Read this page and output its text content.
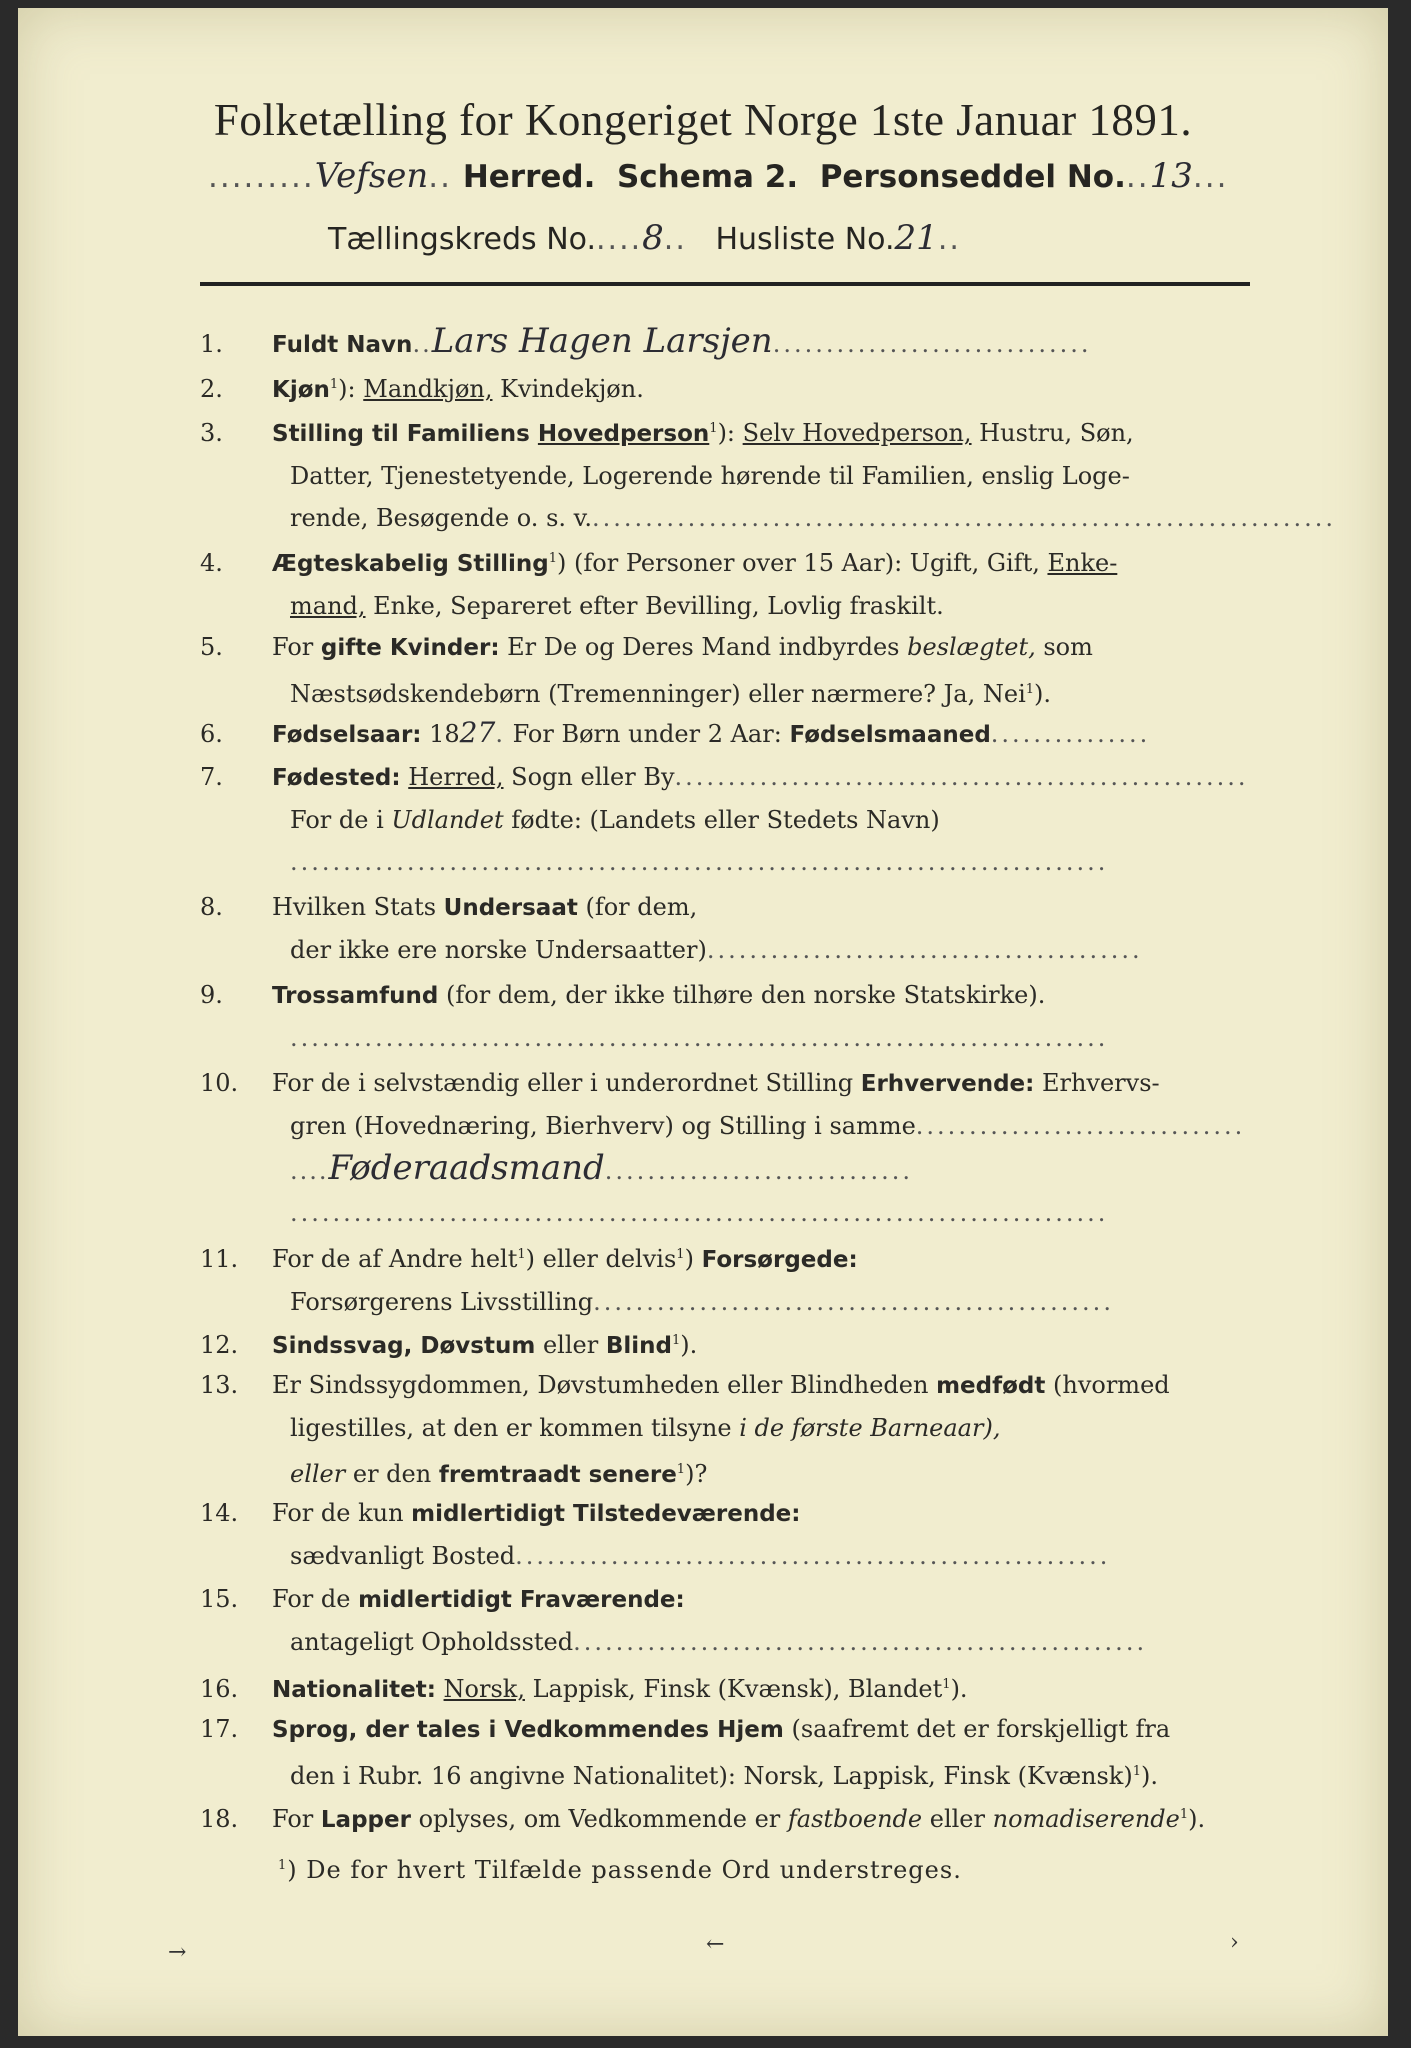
Folketælling for Kongeriget Norge 1ste Januar 1891.
.........Vefsen.. Herred. Schema 2. Personseddel No...13...
Tællingskreds No.....8.. Husliste No.21..
1. Fuldt Navn..Lars Hagen Larsjen..............................
2. Kjøn$^1$): Mandkjøn, Kvindekjøn.
3. Stilling til Familiens Hovedperson$^1$): Selv Hovedperson, Hustru, Søn,
Datter, Tjenestetyende, Logerende hørende til Familien, enslig Loge-
rende, Besøgende o. s. v.......................................................................
4. Ægteskabelig Stilling$^1$) (for Personer over 15 Aar): Ugift, Gift, Enke-
mand, Enke, Separeret efter Bevilling, Lovlig fraskilt.
5. For gifte Kvinder: Er De og Deres Mand indbyrdes beslægtet, som
Næstsødskendebørn (Tremenninger) eller nærmere? Ja, Nei$^1$).
6. Fødselsaar: 1827. For Børn under 2 Aar: Fødselsmaaned...............
7. Fødested: Herred, Sogn eller By......................................................
For de i Udlandet fødte: (Landets eller Stedets Navn)
.............................................................................
8. Hvilken Stats Undersaat (for dem,
der ikke ere norske Undersaatter).........................................
9. Trossamfund (for dem, der ikke tilhøre den norske Statskirke).
.............................................................................
10. For de i selvstændig eller i underordnet Stilling Erhvervende: Erhvervs-
gren (Hovednæring, Bierhverv) og Stilling i samme...............................
....Føderaadsmand.............................
.............................................................................
11. For de af Andre helt$^1$) eller delvis$^1$) Forsørgede:
Forsørgerens Livsstilling.................................................
12. Sindssvag, Døvstum eller Blind$^1$).
13. Er Sindssygdommen, Døvstumheden eller Blindheden medfødt (hvormed
ligestilles, at den er kommen tilsyne i de første Barneaar),
eller er den fremtraadt senere$^1$)?
14. For de kun midlertidigt Tilstedeværende:
sædvanligt Bosted........................................................
15. For de midlertidigt Fraværende:
antageligt Opholdssted......................................................
16. Nationalitet: Norsk, Lappisk, Finsk (Kvænsk), Blandet$^1$).
17. Sprog, der tales i Vedkommendes Hjem (saafremt det er forskjelligt fra
den i Rubr. 16 angivne Nationalitet): Norsk, Lappisk, Finsk (Kvænsk)$^1$).
18. For Lapper oplyses, om Vedkommende er fastboende eller nomadiserende$^1$).
$^1$) De for hvert Tilfælde passende Ord understreges.
→	←	›
